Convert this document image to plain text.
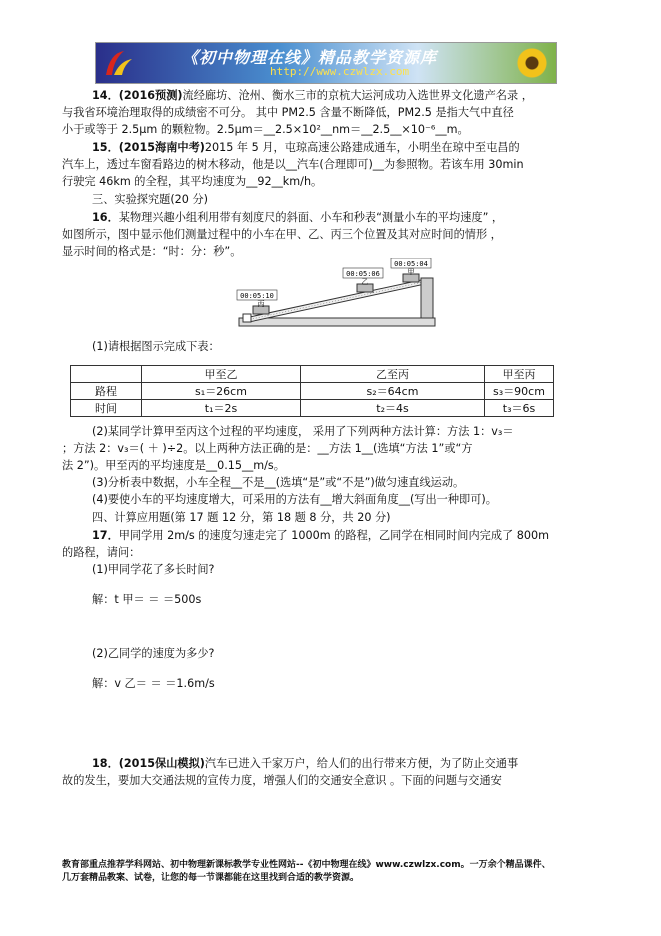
《初中物理在线》精品教学资源库
http://www.czwlzx.com
14．(2016预测)流经廊坊、沧州、衡水三市的京杭大运河成功入选世界文化遗产名录 ，
与我省环境治理取得的成绩密不可分。 其中 PM2.5 含量不断降低，PM2.5 是指大气中直径
小于或等于 2.5μm 的颗粒物。2.5μm＝__2.5×10²__nm＝__2.5__×10⁻⁶__m。
15．(2015海南中考)2015 年 5 月，屯琼高速公路建成通车，小明坐在琼中至屯昌的
汽车上，透过车窗看路边的树木移动，他是以__汽车(合理即可)__为参照物。若该车用 30min
行驶完 46km 的全程，其平均速度为__92__km/h。
三、实验探究题(20 分)
16．某物理兴趣小组利用带有刻度尺的斜面、小车和秒表“测量小车的平均速度” ，
如图所示，图中显示他们测量过程中的小车在甲、乙、丙三个位置及其对应时间的情形 ，
显示时间的格式是：“时：分：秒”。
00:05:10
丙
00:05:06
乙
00:05:04
甲
(1)请根据图示完成下表：
	甲至乙	乙至丙	甲至丙
路程	s₁＝26cm	s₂＝64cm	s₃＝90cm
时间	t₁＝2s	t₂＝4s	t₃＝6s
(2)某同学计算甲至丙这个过程的平均速度， 采用了下列两种方法计算：方法 1：v₃＝
；方法 2：v₃＝( ＋ )÷2。以上两种方法正确的是：__方法 1__(选填“方法 1”或“方
法 2”)。甲至丙的平均速度是__0.15__m/s。
(3)分析表中数据，小车全程__不是__(选填“是”或“不是”)做匀速直线运动。
(4)要使小车的平均速度增大，可采用的方法有__增大斜面角度__(写出一种即可)。
四、计算应用题(第 17 题 12 分，第 18 题 8 分，共 20 分)
17．甲同学用 2m/s 的速度匀速走完了 1000m 的路程，乙同学在相同时间内完成了 800m
的路程，请问：
(1)甲同学花了多长时间?
解：t 甲＝ ＝ ＝500s
(2)乙同学的速度为多少?
解：v 乙＝ ＝ ＝1.6m/s
18．(2015保山模拟)汽车已进入千家万户，给人们的出行带来方便，为了防止交通事
故的发生，要加大交通法规的宣传力度，增强人们的交通安全意识 。下面的问题与交通安
教育部重点推荐学科网站、初中物理新课标教学专业性网站--《初中物理在线》www.czwlzx.com。一万余个精品课件、
几万套精品教案、试卷，让您的每一节课都能在这里找到合适的教学资源。
